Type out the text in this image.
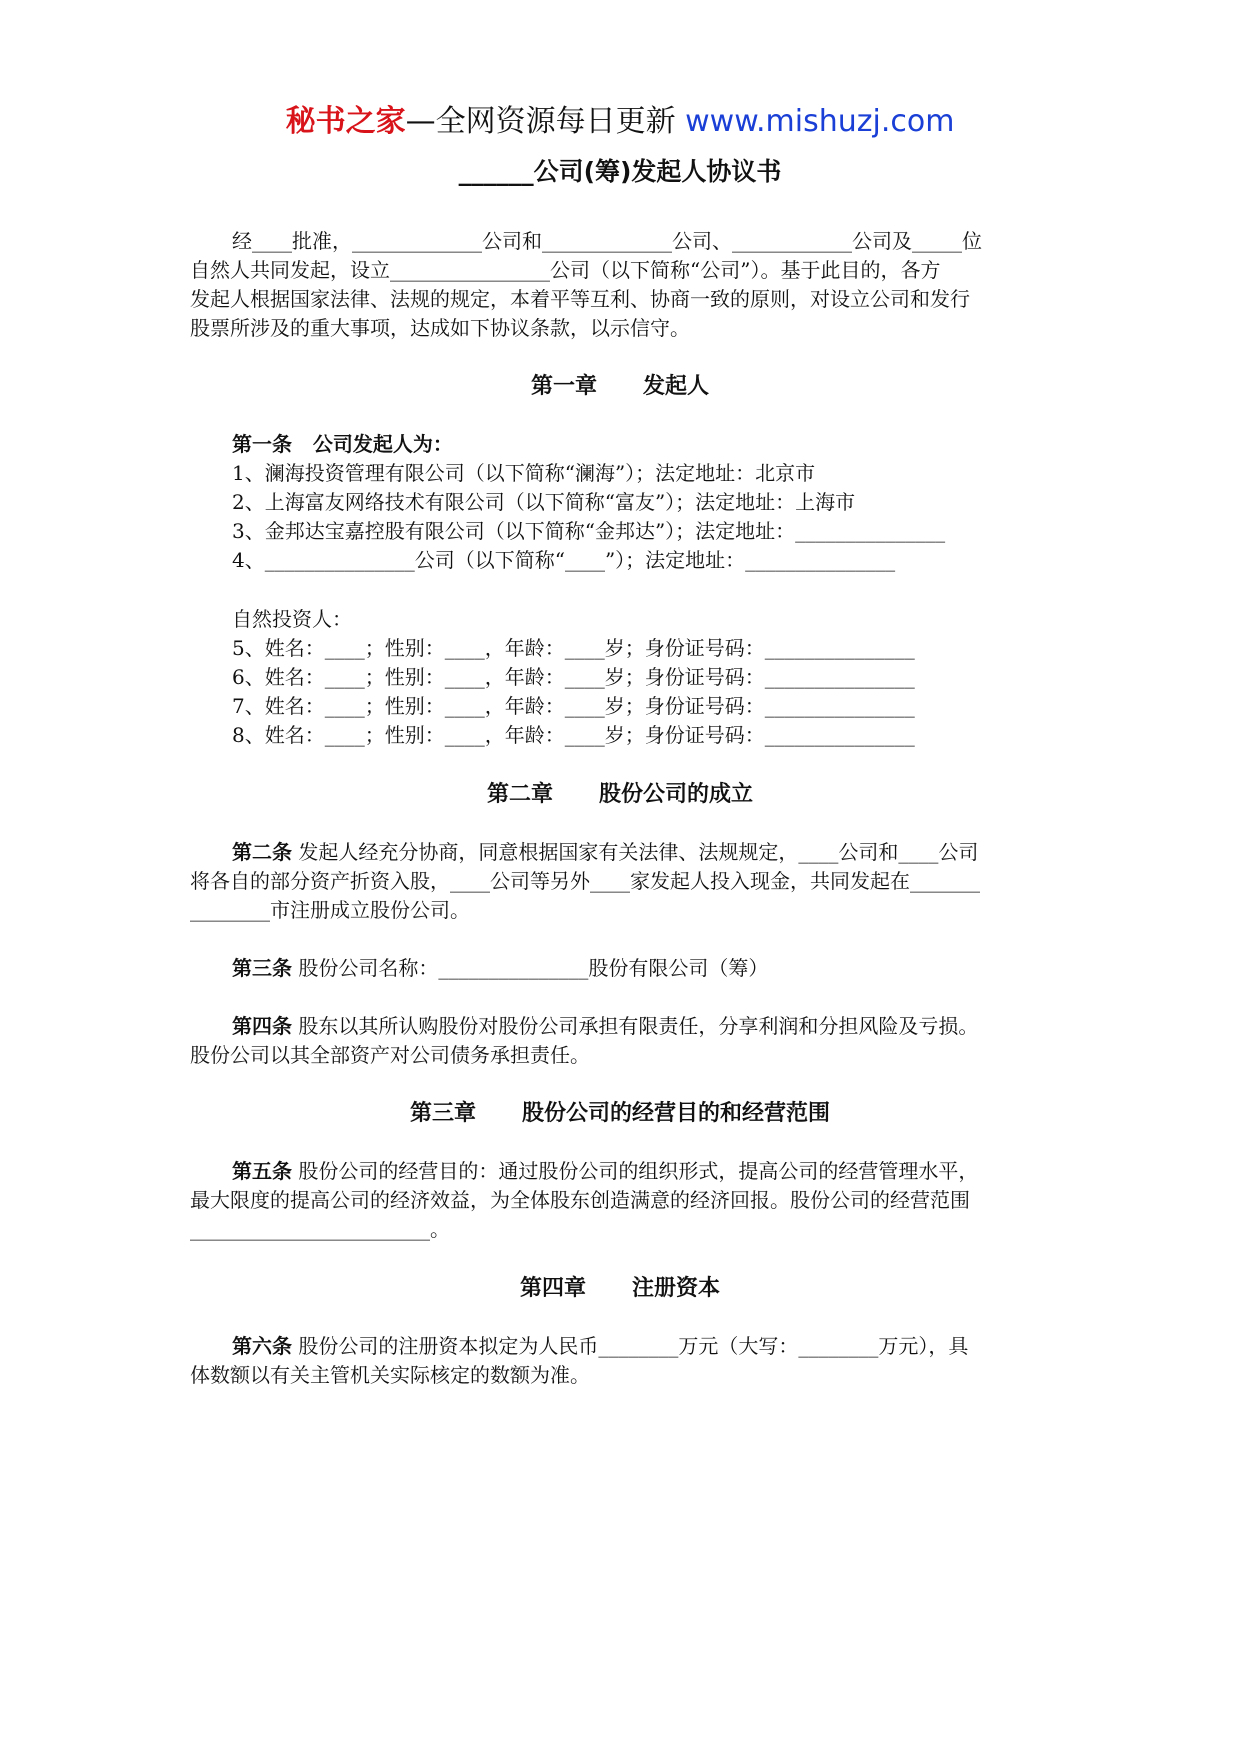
秘书之家—全网资源每日更新 www.mishuzj.com
______公司(筹)发起人协议书
经____批准，_____________公司和_____________公司、____________公司及_____位
自然人共同发起，设立________________公司（以下简称“公司”）。基于此目的，各方
发起人根据国家法律、法规的规定，本着平等互利、协商一致的原则，对设立公司和发行
股票所涉及的重大事项，达成如下协议条款，以示信守。
第一章      发起人
第一条   公司发起人为：
1、澜海投资管理有限公司（以下简称“澜海”）；法定地址：北京市
2、上海富友网络技术有限公司（以下简称“富友”）；法定地址：上海市
3、金邦达宝嘉控股有限公司（以下简称“金邦达”）；法定地址：_______________
4、_______________公司（以下简称“____”）；法定地址：_______________
自然投资人：
5、姓名：____；性别：____，年龄：____岁；身份证号码：_______________
6、姓名：____；性别：____，年龄：____岁；身份证号码：_______________
7、姓名：____；性别：____，年龄：____岁；身份证号码：_______________
8、姓名：____；性别：____，年龄：____岁；身份证号码：_______________
第二章      股份公司的成立
第二条 发起人经充分协商，同意根据国家有关法律、法规规定，____公司和____公司
将各自的部分资产折资入股，____公司等另外____家发起人投入现金，共同发起在_______
________市注册成立股份公司。
第三条 股份公司名称：_______________股份有限公司（筹）
第四条 股东以其所认购股份对股份公司承担有限责任，分享利润和分担风险及亏损。
股份公司以其全部资产对公司债务承担责任。
第三章      股份公司的经营目的和经营范围
第五条 股份公司的经营目的：通过股份公司的组织形式，提高公司的经营管理水平，
最大限度的提高公司的经济效益，为全体股东创造满意的经济回报。股份公司的经营范围
________________________。
第四章      注册资本
第六条 股份公司的注册资本拟定为人民币________万元（大写：________万元），具
体数额以有关主管机关实际核定的数额为准。
